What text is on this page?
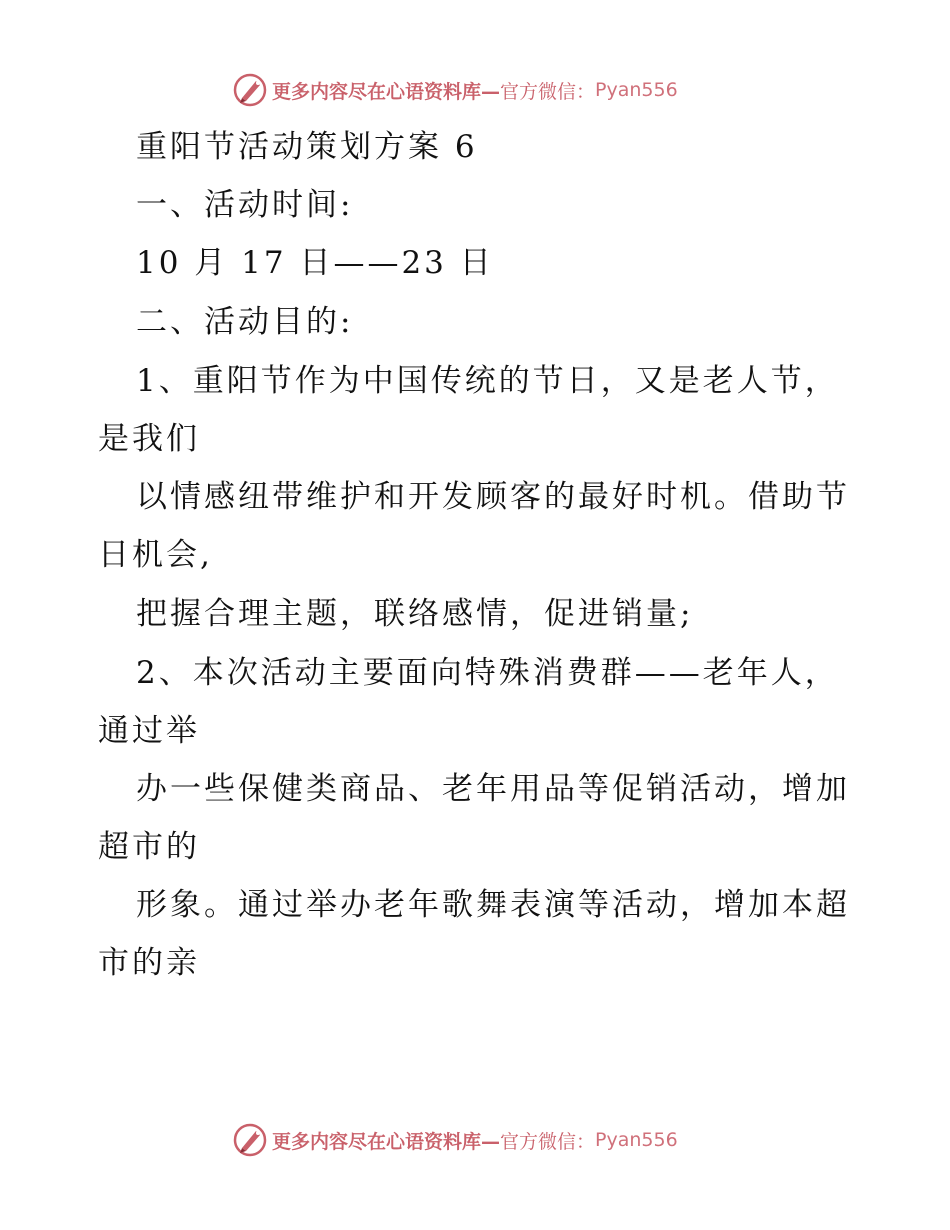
更多内容尽在心语资料库— 官方微信： Pyan556
重阳节活动策划方案 6
一、活动时间:
10 月 17 日——23 日
二、活动目的:
1、重阳节作为中国传统的节日，又是老人节，
是我们
以情感纽带维护和开发顾客的最好时机。借助节
日机会,
把握合理主题，联络感情，促进销量;
2、本次活动主要面向特殊消费群——老年人，
通过举
办一些保健类商品、老年用品等促销活动，增加
超市的
形象。通过举办老年歌舞表演等活动，增加本超
市的亲
更多内容尽在心语资料库— 官方微信： Pyan556
